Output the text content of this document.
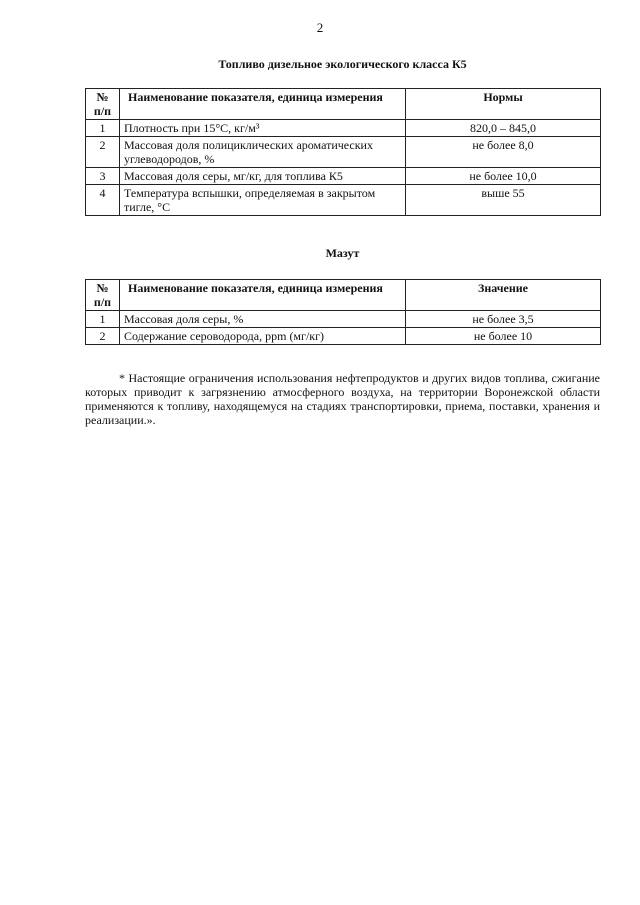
2
Топливо дизельное экологического класса К5
№ п/п	Наименование показателя, единица измерения	Нормы
1	Плотность при 15°С, кг/м³	820,0 – 845,0
2	Массовая доля полициклических ароматических углеводородов, %	не более 8,0
3	Массовая доля серы, мг/кг, для топлива К5	не более 10,0
4	Температура вспышки, определяемая в закрытом тигле, °С	выше 55
Мазут
№ п/п	Наименование показателя, единица измерения	Значение
1	Массовая доля серы, %	не более 3,5
2	Содержание сероводорода, ppm (мг/кг)	не более 10
* Настоящие ограничения использования нефтепродуктов и других видов топлива, сжигание которых приводит к загрязнению атмосферного воздуха, на территории Воронежской области применяются к топливу, находящемуся на стадиях транспортировки, приема, поставки, хранения и реализации.».
